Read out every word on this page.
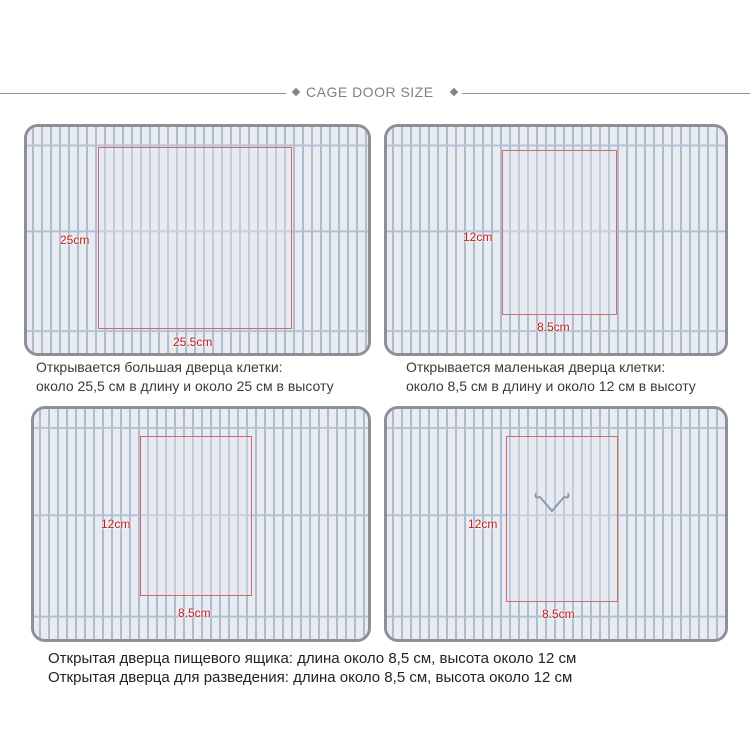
CAGE DOOR SIZE
25cm
25.5cm
Открывается большая дверца клетки:
около 25,5 см в длину и около 25 см в высоту
12cm
8.5cm
Открывается маленькая дверца клетки:
около 8,5 см в длину и около 12 см в высоту
12cm
8.5cm
12cm
8.5cm
Открытая дверца пищевого ящика: длина около 8,5 см, высота около 12 см
Открытая дверца для разведения: длина около 8,5 см, высота около 12 см
